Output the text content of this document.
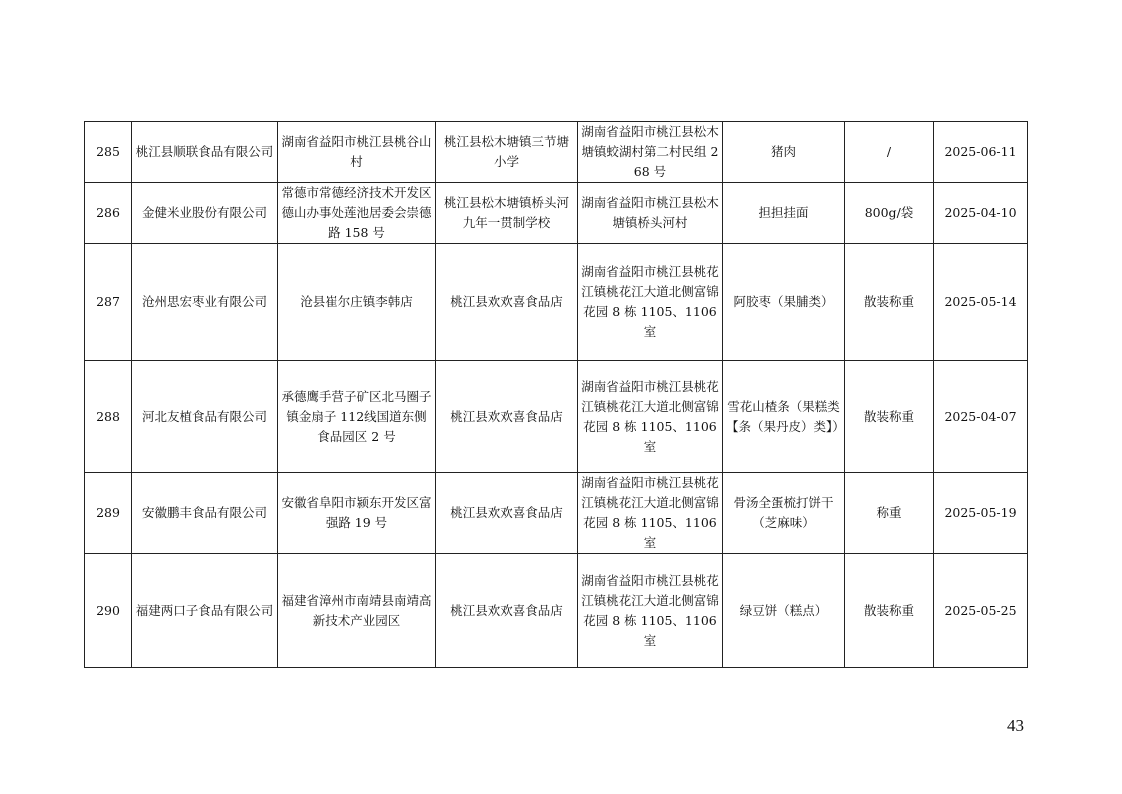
285	桃江县顺联食品有限公司	湖南省益阳市桃江县桃谷山村	桃江县松木塘镇三节塘小学	湖南省益阳市桃江县松木塘镇蛟湖村第二村民组 268 号	猪肉	/	2025-06-11
286	金健米业股份有限公司	常德市常德经济技术开发区德山办事处莲池居委会崇德路 158 号	桃江县松木塘镇桥头河九年一贯制学校	湖南省益阳市桃江县松木塘镇桥头河村	担担挂面	800g/袋	2025-04-10
287	沧州思宏枣业有限公司	沧县崔尔庄镇李韩店	桃江县欢欢喜食品店	湖南省益阳市桃江县桃花江镇桃花江大道北侧富锦花园 8 栋 1105、1106 室	阿胶枣（果脯类）	散装称重	2025-05-14
288	河北友植食品有限公司	承德鹰手营子矿区北马圈子镇金扇子 112线国道东侧食品园区 2 号	桃江县欢欢喜食品店	湖南省益阳市桃江县桃花江镇桃花江大道北侧富锦花园 8 栋 1105、1106 室	雪花山楂条（果糕类【条（果丹皮）类】）	散装称重	2025-04-07
289	安徽鹏丰食品有限公司	安徽省阜阳市颍东开发区富强路 19 号	桃江县欢欢喜食品店	湖南省益阳市桃江县桃花江镇桃花江大道北侧富锦花园 8 栋 1105、1106 室	骨汤全蛋梳打饼干（芝麻味）	称重	2025-05-19
290	福建两口子食品有限公司	福建省漳州市南靖县南靖高新技术产业园区	桃江县欢欢喜食品店	湖南省益阳市桃江县桃花江镇桃花江大道北侧富锦花园 8 栋 1105、1106 室	绿豆饼（糕点）	散装称重	2025-05-25
43
